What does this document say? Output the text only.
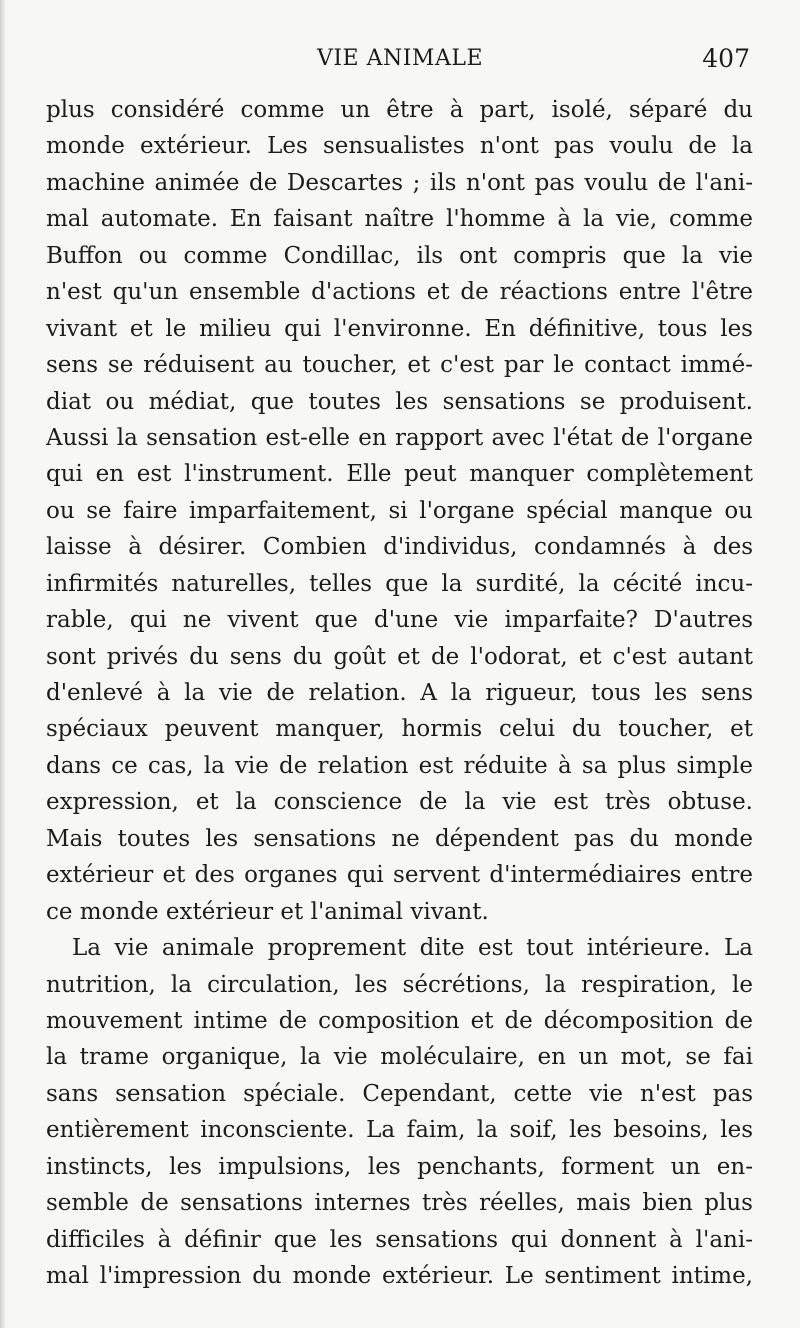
VIE ANIMALE	407
plus considéré comme un être à part, isolé, séparé du
monde extérieur. Les sensualistes n'ont pas voulu de la
machine animée de Descartes ; ils n'ont pas voulu de l'ani-
mal automate. En faisant naître l'homme à la vie, comme
Buffon ou comme Condillac, ils ont compris que la vie
n'est qu'un ensemble d'actions et de réactions entre l'être
vivant et le milieu qui l'environne. En définitive, tous les
sens se réduisent au toucher, et c'est par le contact immé-
diat ou médiat, que toutes les sensations se produisent.
Aussi la sensation est-elle en rapport avec l'état de l'organe
qui en est l'instrument. Elle peut manquer complètement
ou se faire imparfaitement, si l'organe spécial manque ou
laisse à désirer. Combien d'individus, condamnés à des
infirmités naturelles, telles que la surdité, la cécité incu-
rable, qui ne vivent que d'une vie imparfaite? D'autres
sont privés du sens du goût et de l'odorat, et c'est autant
d'enlevé à la vie de relation. A la rigueur, tous les sens
spéciaux peuvent manquer, hormis celui du toucher, et
dans ce cas, la vie de relation est réduite à sa plus simple
expression, et la conscience de la vie est très obtuse.
Mais toutes les sensations ne dépendent pas du monde
extérieur et des organes qui servent d'intermédiaires entre
ce monde extérieur et l'animal vivant.
La vie animale proprement dite est tout intérieure. La
nutrition, la circulation, les sécrétions, la respiration, le
mouvement intime de composition et de décomposition de
la trame organique, la vie moléculaire, en un mot, se fai
sans sensation spéciale. Cependant, cette vie n'est pas
entièrement inconsciente. La faim, la soif, les besoins, les
instincts, les impulsions, les penchants, forment un en-
semble de sensations internes très réelles, mais bien plus
difficiles à définir que les sensations qui donnent à l'ani-
mal l'impression du monde extérieur. Le sentiment intime,
